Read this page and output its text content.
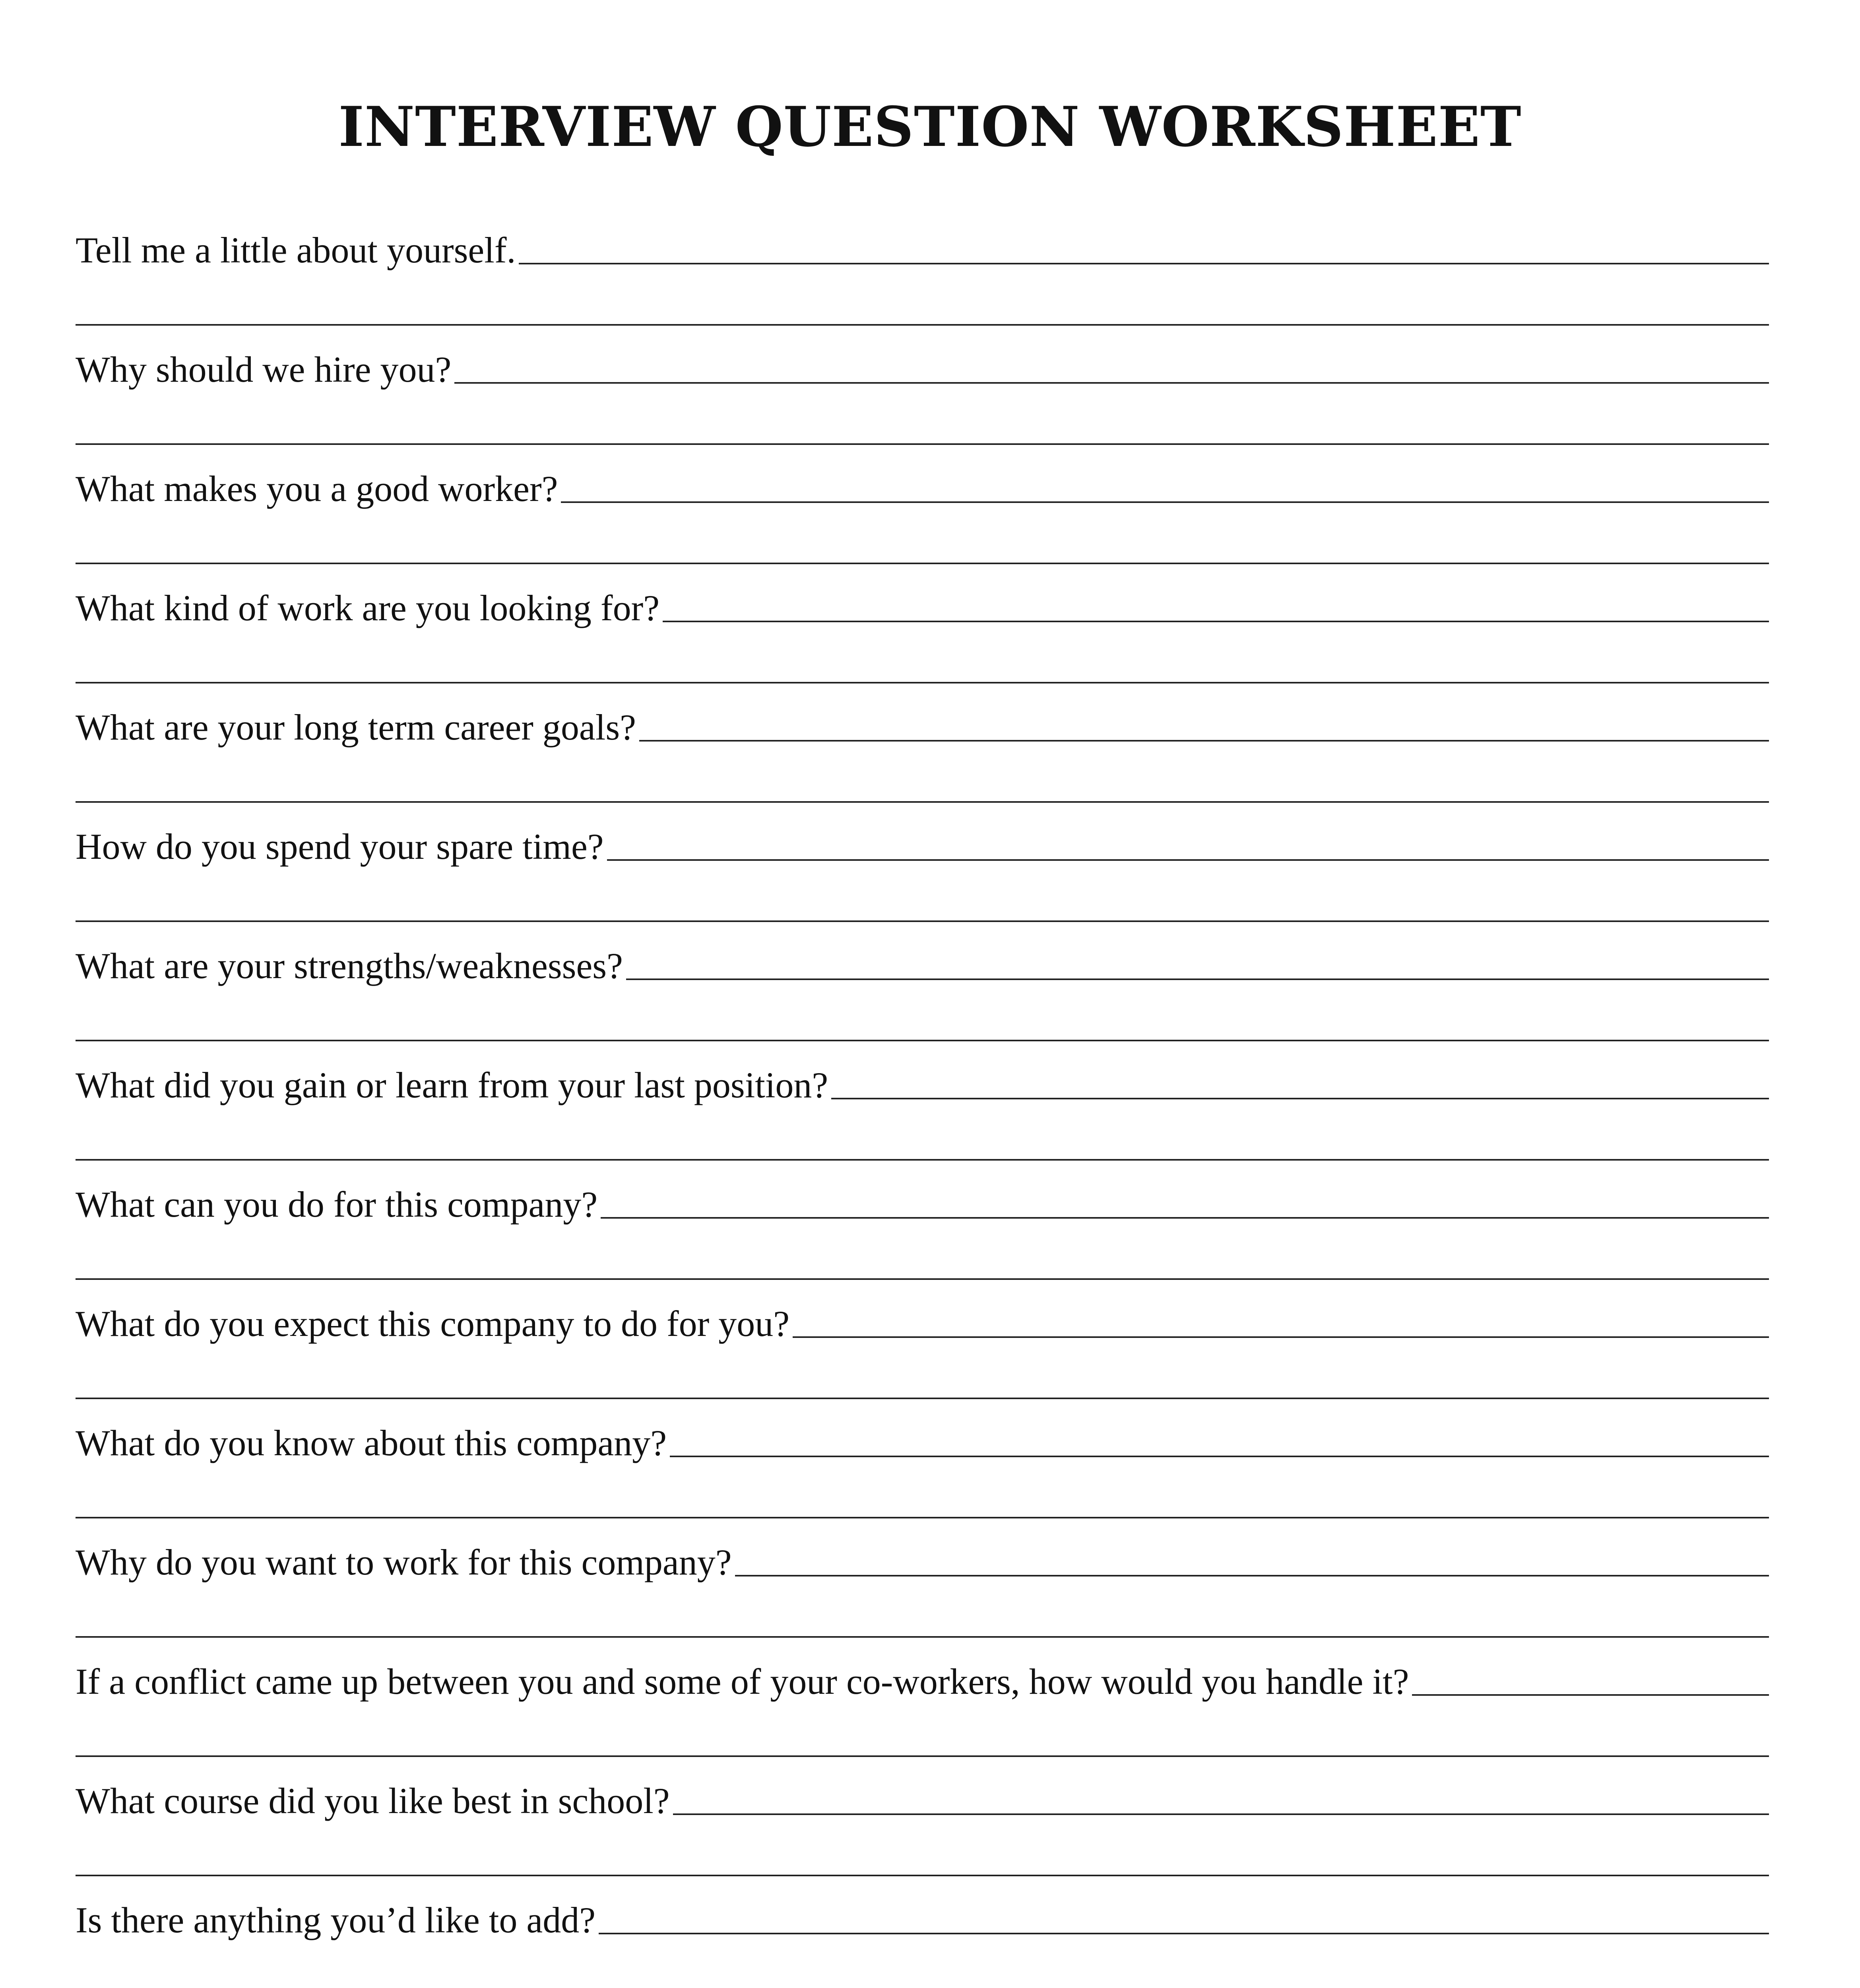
INTERVIEW QUESTION WORKSHEET
Tell me a little about yourself.
Why should we hire you?
What makes you a good worker?
What kind of work are you looking for?
What are your long term career goals?
How do you spend your spare time?
What are your strengths/weaknesses?
What did you gain or learn from your last position?
What can you do for this company?
What do you expect this company to do for you?
What do you know about this company?
Why do you want to work for this company?
If a conflict came up between you and some of your co-workers, how would you handle it?
What course did you like best in school?
Is there anything you’d like to add?
